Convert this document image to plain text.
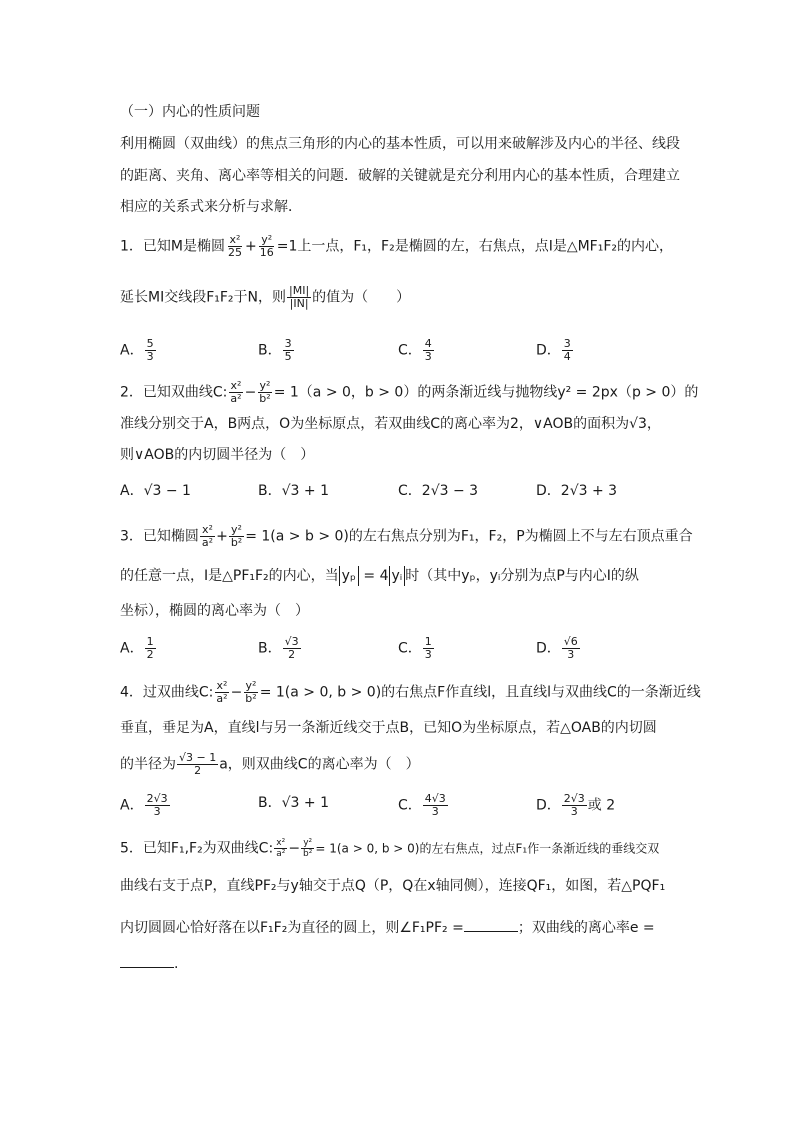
（一）内心的性质问题
利用椭圆（双曲线）的焦点三角形的内心的基本性质，可以用来破解涉及内心的半径、线段
的距离、夹角、离心率等相关的问题．破解的关键就是充分利用内心的基本性质，合理建立
相应的关系式来分析与求解．
1．已知M是椭圆 $\frac{\text{x²}}{25} + \frac{\text{y²}}{16} =1$上一点，F₁，F₂是椭圆的左，右焦点，点I是△MF₁F₂的内心，
延长MI交线段F₁F₂于N，则 $\frac{|MI|}{|IN|}$ 的值为（　　）
A． $\frac{5}{3}$	B． $\frac{3}{5}$	C． $\frac{4}{3}$	D． $\frac{3}{4}$
2．已知双曲线C: $\frac{\text{x²}}{\text{a²}} - \frac{\text{y²}}{\text{b²}} = 1(a > 0$，b > 0）的两条渐近线与抛物线y² = 2px（p > 0）的
准线分别交于A，B两点，O为坐标原点，若双曲线C的离心率为2，∨AOB的面积为√3，
则∨AOB的内切圆半径为（　）
A．√3 − 1	B．√3 + 1	C．2√3 − 3	D．2√3 + 3
3．已知椭圆 $\frac{\text{x²}}{\text{a²}} + \frac{\text{y²}}{\text{b²}} = 1(a > b > 0)$的左右焦点分别为F₁，F₂，P为椭圆上不与左右顶点重合
的任意一点，I是△PF₁F₂的内心，当 yₚ = 4 yᵢ 时（其中yₚ，yᵢ分别为点P与内心I的纵
坐标），椭圆的离心率为（　）
A． $\frac{1}{2}$	B． $\frac{√3}{2}$	C． $\frac{1}{3}$	D． $\frac{√6}{3}$
4．过双曲线C: $\frac{\text{x²}}{\text{a²}} - \frac{\text{y²}}{\text{b²}} = 1(a > 0$, b > 0)的右焦点F作直线l，且直线l与双曲线C的一条渐近线
垂直，垂足为A，直线l与另一条渐近线交于点B，已知O为坐标原点，若△OAB的内切圆
的半径为 $\frac{√3 - 1}{2}$ a，则双曲线C的离心率为（　）
A． $\frac{2√3}{3}$	B．√3 + 1	C． $\frac{4√3}{3}$	D． $\frac{2√3}{3}$ 或 2
5．已知F₁,F₂为双曲线C: $\frac{\text{x²}}{\text{a²}} - \frac{\text{y²}}{\text{b²}} = 1(a > 0$, b > 0)的左右焦点，过点F₁作一条渐近线的垂线交双
曲线右支于点P，直线PF₂与y轴交于点Q（P，Q在x轴同侧），连接QF₁，如图，若△PQF₁
内切圆圆心恰好落在以F₁F₂为直径的圆上，则∠F₁PF₂ =	；双曲线的离心率e =
.
